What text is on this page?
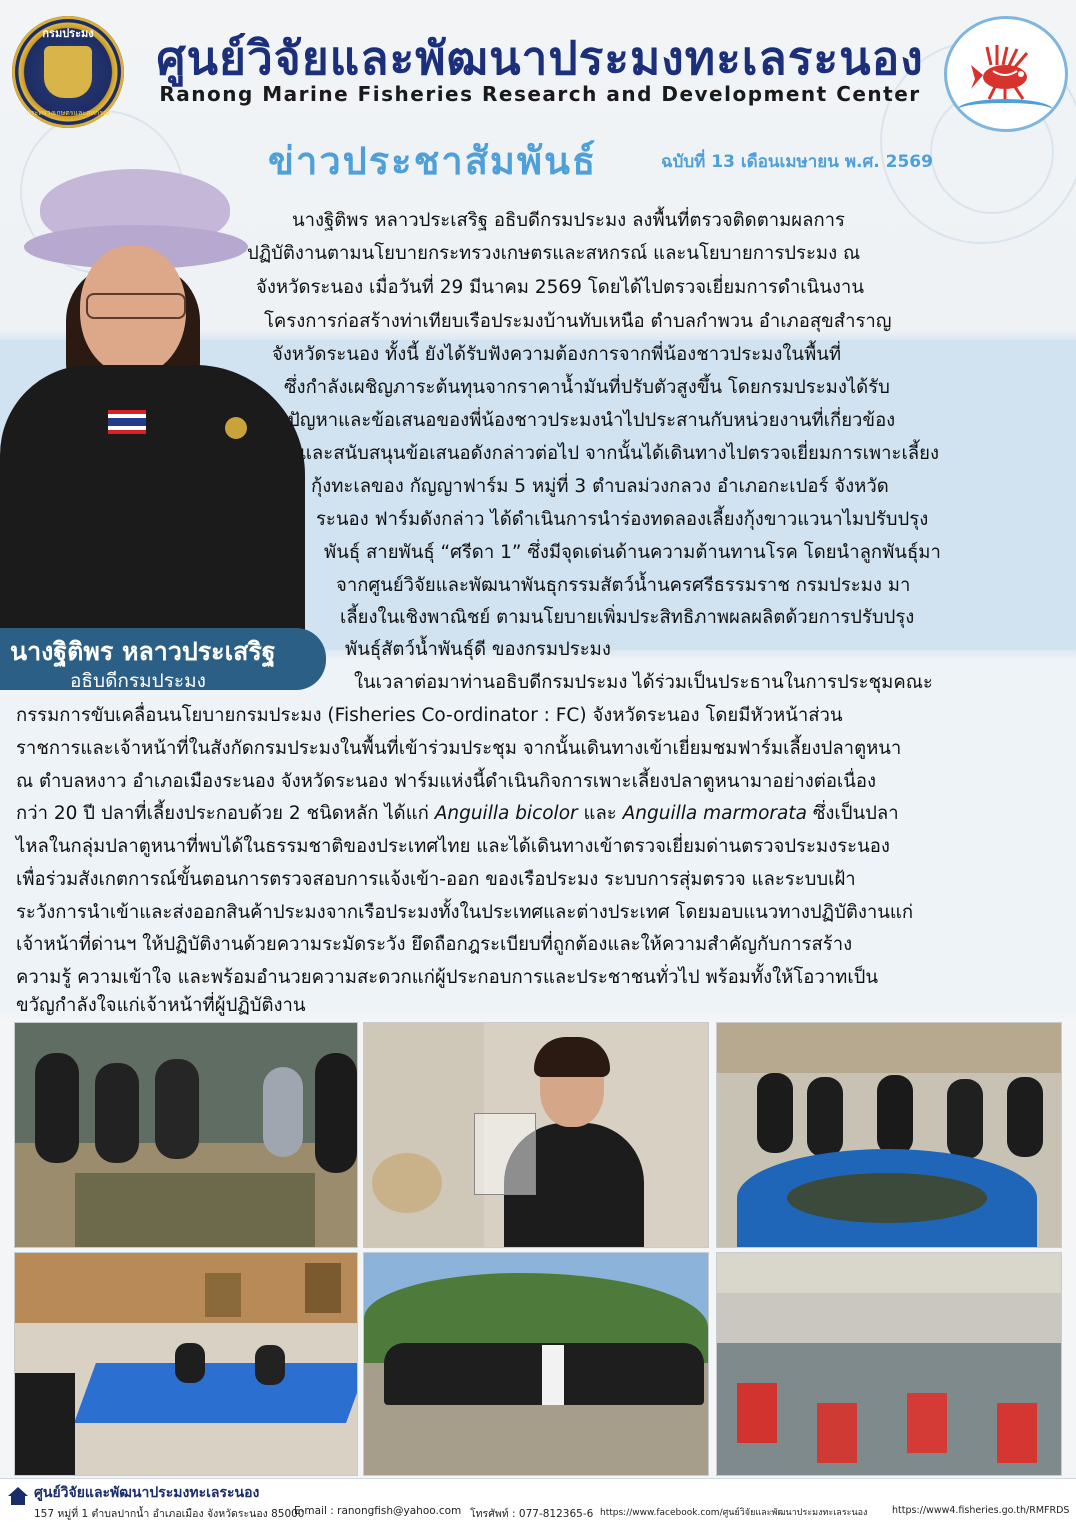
กรมประมง
กระทรวงเกษตรและสหกรณ์
ศูนย์วิจัยและพัฒนาประมงทะเลระนอง
Ranong Marine Fisheries Research and Development Center
ข่าวประชาสัมพันธ์	ฉบับที่ 13 เดือนเมษายน พ.ศ. 2569
นางฐิติพร หลาวประเสริฐ
อธิบดีกรมประมง
นางฐิติพร หลาวประเสริฐ อธิบดีกรมประมง ลงพื้นที่ตรวจติดตามผลการ
ปฏิบัติงานตามนโยบายกระทรวงเกษตรและสหกรณ์ และนโยบายการประมง ณ
จังหวัดระนอง เมื่อวันที่ 29 มีนาคม 2569 โดยได้ไปตรวจเยี่ยมการดำเนินงาน
โครงการก่อสร้างท่าเทียบเรือประมงบ้านทับเหนือ ตำบลกำพวน อำเภอสุขสำราญ
จังหวัดระนอง ทั้งนี้ ยังได้รับฟังความต้องการจากพี่น้องชาวประมงในพื้นที่
ซึ่งกำลังเผชิญภาระต้นทุนจากราคาน้ำมันที่ปรับตัวสูงขึ้น โดยกรมประมงได้รับ
ปัญหาและข้อเสนอของพี่น้องชาวประมงนำไปประสานกับหน่วยงานที่เกี่ยวข้อง
และสนับสนุนข้อเสนอดังกล่าวต่อไป จากนั้นได้เดินทางไปตรวจเยี่ยมการเพาะเลี้ยง
กุ้งทะเลของ กัญญาฟาร์ม 5 หมู่ที่ 3 ตำบลม่วงกลวง อำเภอกะเปอร์ จังหวัด
ระนอง ฟาร์มดังกล่าว ได้ดำเนินการนำร่องทดลองเลี้ยงกุ้งขาวแวนาไมปรับปรุง
พันธุ์ สายพันธุ์ “ศรีดา 1” ซึ่งมีจุดเด่นด้านความต้านทานโรค โดยนำลูกพันธุ์มา
จากศูนย์วิจัยและพัฒนาพันธุกรรมสัตว์น้ำนครศรีธรรมราช กรมประมง มา
เลี้ยงในเชิงพาณิชย์ ตามนโยบายเพิ่มประสิทธิภาพผลผลิตด้วยการปรับปรุง
พันธุ์สัตว์น้ำพันธุ์ดี ของกรมประมง
ในเวลาต่อมาท่านอธิบดีกรมประมง ได้ร่วมเป็นประธานในการประชุมคณะ
กรรมการขับเคลื่อนนโยบายกรมประมง (Fisheries Co-ordinator : FC) จังหวัดระนอง โดยมีหัวหน้าส่วน
ราชการและเจ้าหน้าที่ในสังกัดกรมประมงในพื้นที่เข้าร่วมประชุม จากนั้นเดินทางเข้าเยี่ยมชมฟาร์มเลี้ยงปลาตูหนา
ณ ตำบลหงาว อำเภอเมืองระนอง จังหวัดระนอง ฟาร์มแห่งนี้ดำเนินกิจการเพาะเลี้ยงปลาตูหนามาอย่างต่อเนื่อง
กว่า 20 ปี ปลาที่เลี้ยงประกอบด้วย 2 ชนิดหลัก ได้แก่ Anguilla bicolor และ Anguilla marmorata ซึ่งเป็นปลา
ไหลในกลุ่มปลาตูหนาที่พบได้ในธรรมชาติของประเทศไทย และได้เดินทางเข้าตรวจเยี่ยมด่านตรวจประมงระนอง
เพื่อร่วมสังเกตการณ์ขั้นตอนการตรวจสอบการแจ้งเข้า-ออก ของเรือประมง ระบบการสุ่มตรวจ และระบบเฝ้า
ระวังการนำเข้าและส่งออกสินค้าประมงจากเรือประมงทั้งในประเทศและต่างประเทศ โดยมอบแนวทางปฏิบัติงานแก่
เจ้าหน้าที่ด่านฯ ให้ปฏิบัติงานด้วยความระมัดระวัง ยึดถือกฎระเบียบที่ถูกต้องและให้ความสำคัญกับการสร้าง
ความรู้ ความเข้าใจ และพร้อมอำนวยความสะดวกแก่ผู้ประกอบการและประชาชนทั่วไป พร้อมทั้งให้โอวาทเป็น
ขวัญกำลังใจแก่เจ้าหน้าที่ผู้ปฏิบัติงาน
ศูนย์วิจัยและพัฒนาประมงทะเลระนอง
157 หมู่ที่ 1 ตำบลปากน้ำ อำเภอเมือง จังหวัดระนอง 85000
E-mail : ranongfish@yahoo.com โทรศัพท์ : 077-812365-6 https://www.facebook.com/ศูนย์วิจัยและพัฒนาประมงทะเลระนอง	https://www4.fisheries.go.th/RMFRDS
